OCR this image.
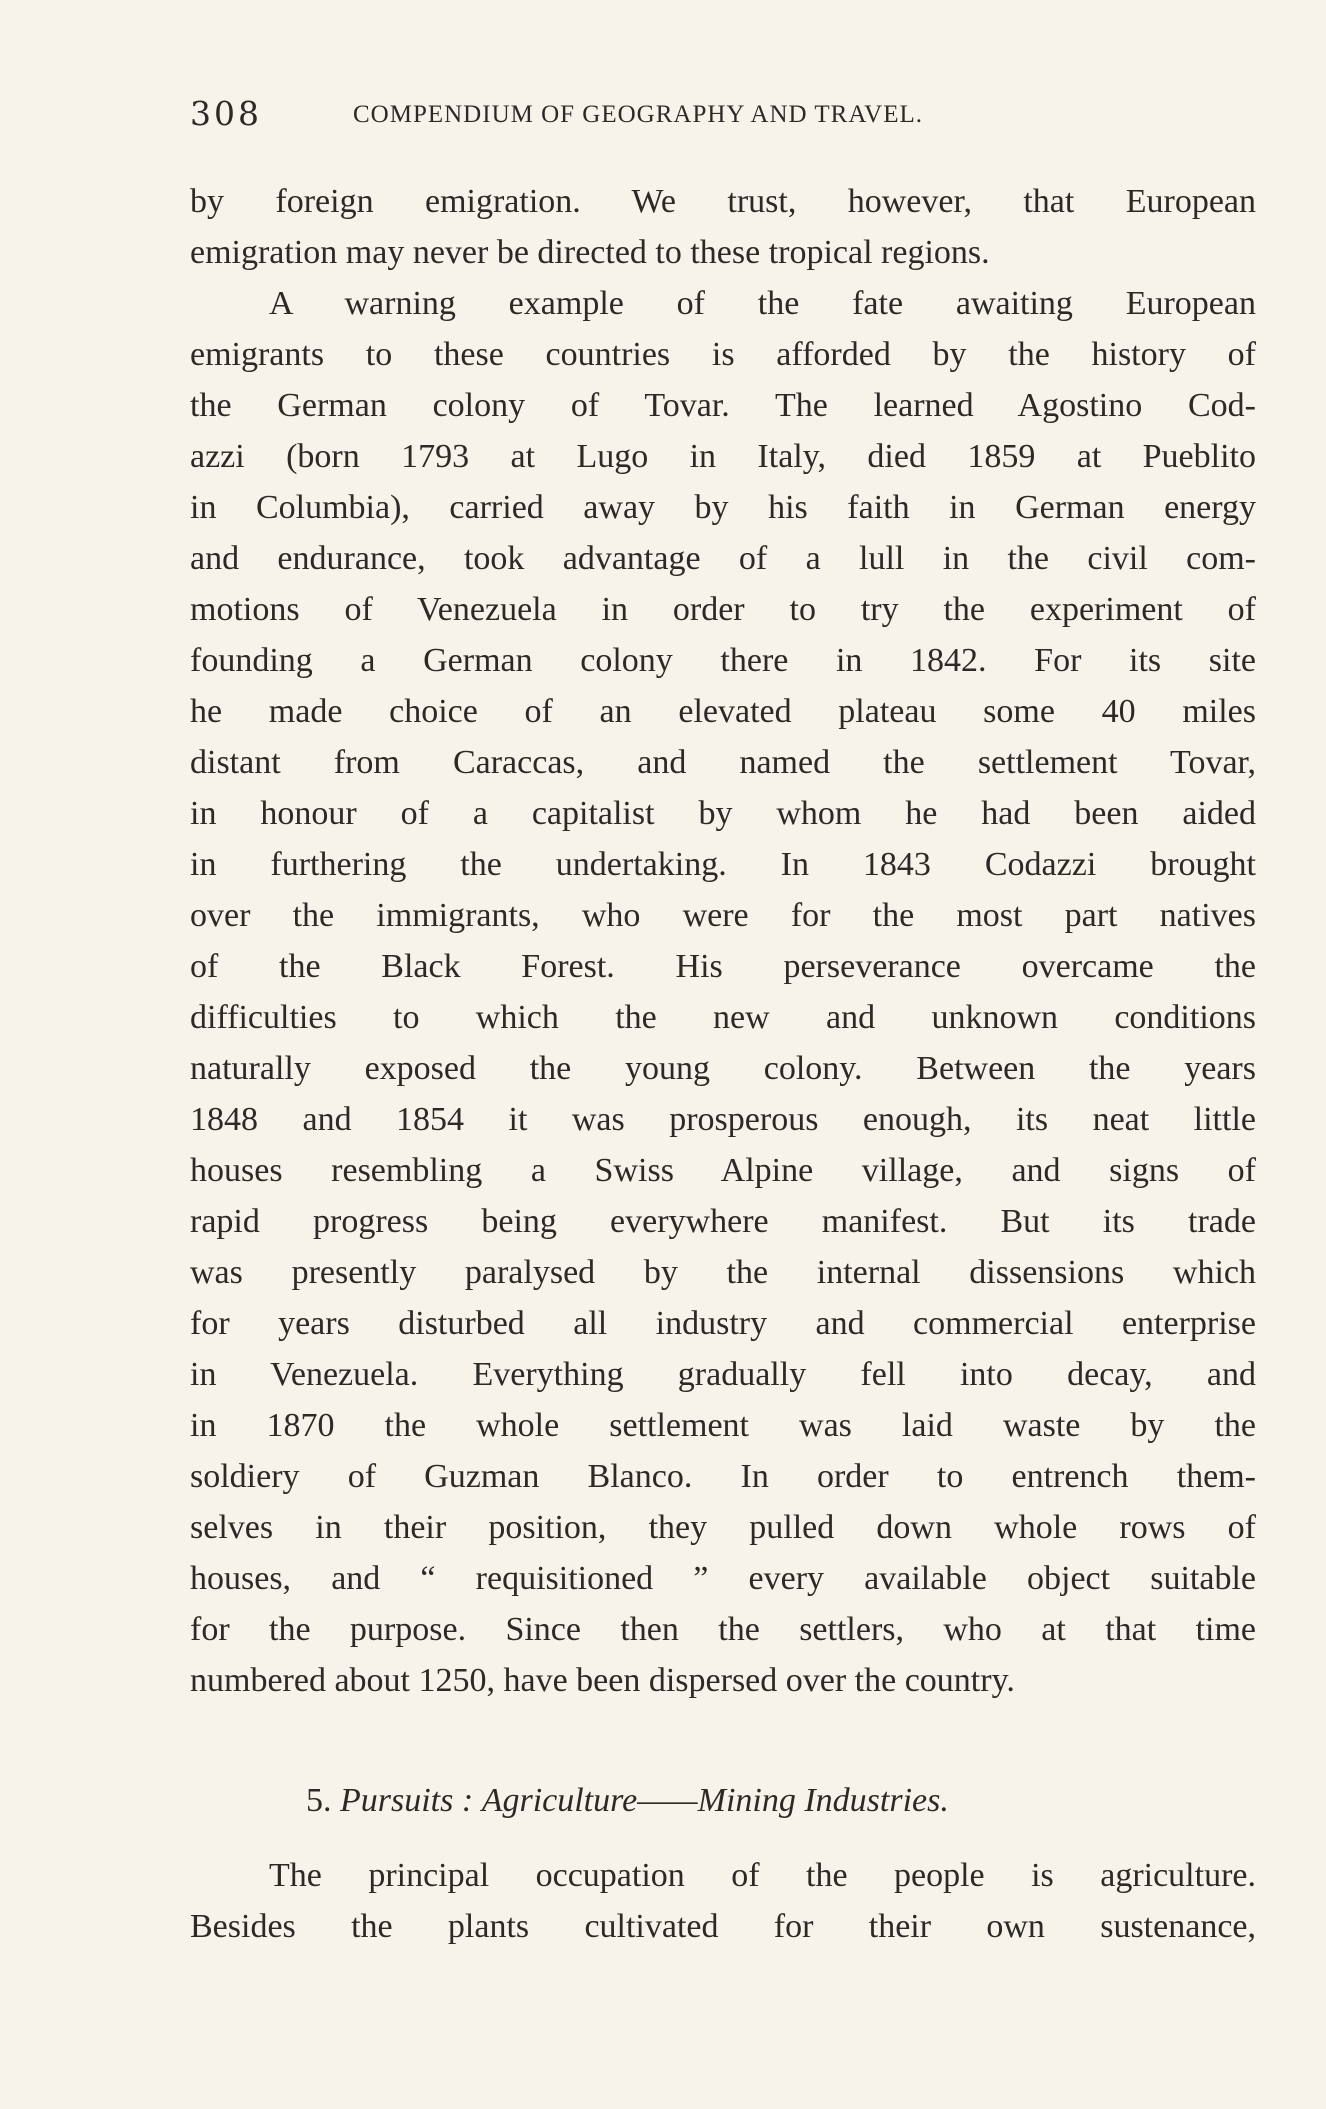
308	COMPENDIUM OF GEOGRAPHY AND TRAVEL.
by foreign emigration. We trust, however, that European
emigration may never be directed to these tropical regions.
A warning example of the fate awaiting European
emigrants to these countries is afforded by the history of
the German colony of Tovar. The learned Agostino Cod-
azzi (born 1793 at Lugo in Italy, died 1859 at Pueblito
in Columbia), carried away by his faith in German energy
and endurance, took advantage of a lull in the civil com-
motions of Venezuela in order to try the experiment of
founding a German colony there in 1842. For its site
he made choice of an elevated plateau some 40 miles
distant from Caraccas, and named the settlement Tovar,
in honour of a capitalist by whom he had been aided
in furthering the undertaking. In 1843 Codazzi brought
over the immigrants, who were for the most part natives
of the Black Forest. His perseverance overcame the
difficulties to which the new and unknown conditions
naturally exposed the young colony. Between the years
1848 and 1854 it was prosperous enough, its neat little
houses resembling a Swiss Alpine village, and signs of
rapid progress being everywhere manifest. But its trade
was presently paralysed by the internal dissensions which
for years disturbed all industry and commercial enterprise
in Venezuela. Everything gradually fell into decay, and
in 1870 the whole settlement was laid waste by the
soldiery of Guzman Blanco. In order to entrench them-
selves in their position, they pulled down whole rows of
houses, and “ requisitioned ” every available object suitable
for the purpose. Since then the settlers, who at that time
numbered about 1250, have been dispersed over the country.
5. Pursuits : Agriculture——Mining Industries.
The principal occupation of the people is agriculture.
Besides the plants cultivated for their own sustenance,
